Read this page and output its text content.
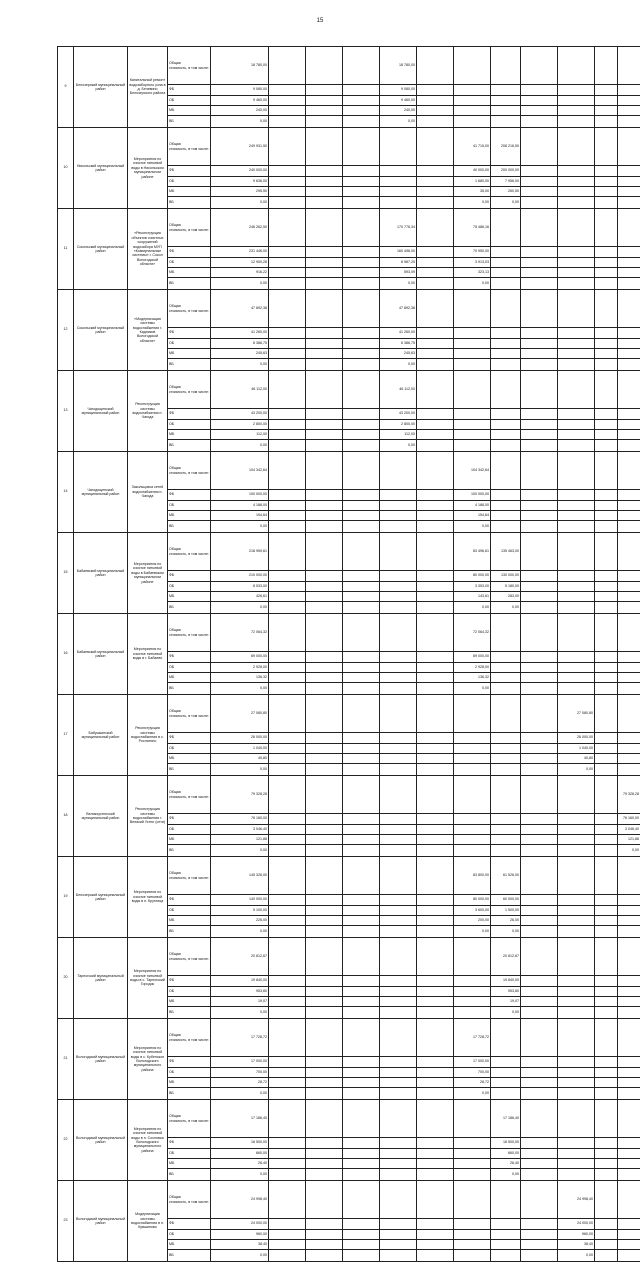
15
9	Белозерский муниципальный район	Капитальный ремонт водозаборного узла в д. Бечевино Белозерского района	Общая
стоимость, в том числе:	18 780,00				18 780,00							
			ФБ	9 080,00				9 080,00							
			ОБ	9 460,00				9 460,00							
			МБ	240,00				240,00							
			ВБ	0,00				0,00							
10	Никольский муниципальный район	Мероприятия по очистке питьевой воды в Никольском муниципальном районе	Общая
стоимость, в том числе:	249 931,50						41 715,00	208 216,50				
			ФБ	240 000,00						40 000,00	200 000,00				
			ОБ	9 636,00						1 680,00	7 956,00				
			МБ	295,50						35,00	260,50				
			ВБ	0,00						0,00	0,00				
11	Сокольский муниципальный район	«Реконструкция объектов очистных сооружений водозабора МУП «Коммунальные системы» г. Сокол Вологодской области»	Общая
стоимость, в том числе:	246 262,50				170 776,34		75 486,16					
			ФБ	231 446,00				160 496,00		70 950,00					
			ОБ	12 900,28				8 987,25		3 913,03					
			МБ	916,22				593,09		323,13					
			ВБ	0,00				0,00		0,00					
12	Сокольский муниципальный район	«Модернизация системы водоснабжения г. Кадников Вологодской области»	Общая
стоимость, в том числе:	47 892,38				47 892,38							
			ФБ	41 260,00				41 260,00							
			ОБ	6 386,75				6 386,75							
			МБ	245,63				245,63							
			ВБ	0,00				0,00							
13	Чагодощенский муниципальный район	Реконструкция системы водоснабжения п. Чагода	Общая
стоимость, в том числе:	46 112,00				46 112,00							
			ФБ	43 200,00				43 200,00							
			ОБ	2 800,00				2 800,00							
			МБ	112,00				112,00							
			ВБ	0,00				0,00							
14	Чагодощенский муниципальный район	Закольцовка сетей водоснабжения п. Чагода	Общая
стоимость, в том числе:	104 342,64						104 342,64					
			ФБ	100 000,00						100 000,00					
			ОБ	4 188,00						4 188,00					
			МБ	154,64						154,64					
			ВБ	0,00						0,00					
15	Бабаевский муниципальный район	Мероприятия по очистке питьевой воды в Бабаевском муниципальном районе	Общая
стоимость, в том числе:	218 959,61						83 496,61	135 463,00				
			ФБ	210 000,00						80 000,00	130 000,00				
			ОБ	8 533,00						3 353,00	5 180,00				
			МБ	426,61						143,61	283,00				
			ВБ	0,00						0,00	0,00				
16	Бабаевский муниципальный район	Мероприятия по очистке питьевой воды в г. Бабаево	Общая
стоимость, в том числе:	72 064,32						72 064,32					
			ФБ	69 000,00						69 000,00					
			ОБ	2 928,00						2 928,00					
			МБ	136,32						136,32					
			ВБ	0,00						0,00					
17	Бабушкинский муниципальный район	Реконструкция системы водоснабжения в с. Рослятино	Общая
стоимость, в том числе:	27 080,80									27 080,80		
			ФБ	26 000,00									26 000,00		
			ОБ	1 040,00									1 040,00		
			МБ	40,80									40,80		
			ВБ	0,00									0,00		
18	Великоустюгский муниципальный район	Реконструкция системы водоснабжения г. Великий Устюг (сети)	Общая
стоимость, в том числе:	79 328,28											79 328,28
			ФБ	76 160,00											76 160,00
			ОБ	3 046,40											3 046,40
			МБ	121,88											121,88
			ВБ	0,00											0,00
19	Белозерский муниципальный район	Мероприятия по очистке питьевой воды в п. Круглица	Общая
стоимость, в том числе:	145 326,00						83 800,00	61 526,00				
			ФБ	140 000,00						80 000,00	60 000,00				
			ОБ	5 100,00						3 600,00	1 500,00				
			МБ	226,00						200,00	26,00				
			ВБ	0,00						0,00	0,00				
20	Тарногский муниципальный район	Мероприятия по очистке питьевой воды в с. Тарногский Городок	Общая
стоимость, в том числе:	20 812,67							20 812,67				
			ФБ	19 840,00							19 840,00				
			ОБ	953,60							953,60				
			МБ	19,07							19,07				
			ВБ	0,00							0,00				
21	Вологодский муниципальный район	Мероприятия по очистке питьевой воды в с. Кубенское Вологодского муниципального района	Общая
стоимость, в том числе:	17 728,72						17 728,72					
			ФБ	17 000,00						17 000,00					
			ОБ	700,00						700,00					
			МБ	28,72						28,72					
			ВБ	0,00						0,00					
22	Вологодский муниципальный район	Мероприятия по очистке питьевой воды в п. Сосновка Вологодского муниципального района	Общая
стоимость, в том числе:	17 186,40							17 186,40				
			ФБ	16 500,00							16 500,00				
			ОБ	660,00							660,00				
			МБ	26,40							26,40				
			ВБ	0,00							0,00				
23	Вологодский муниципальный район	Модернизация системы водоснабжения в п. Кувшиново	Общая
стоимость, в том числе:	24 998,40									24 998,40		
			ФБ	24 000,00									24 000,00		
			ОБ	960,00									960,00		
			МБ	38,40									38,40		
			ВБ	0,00									0,00		
